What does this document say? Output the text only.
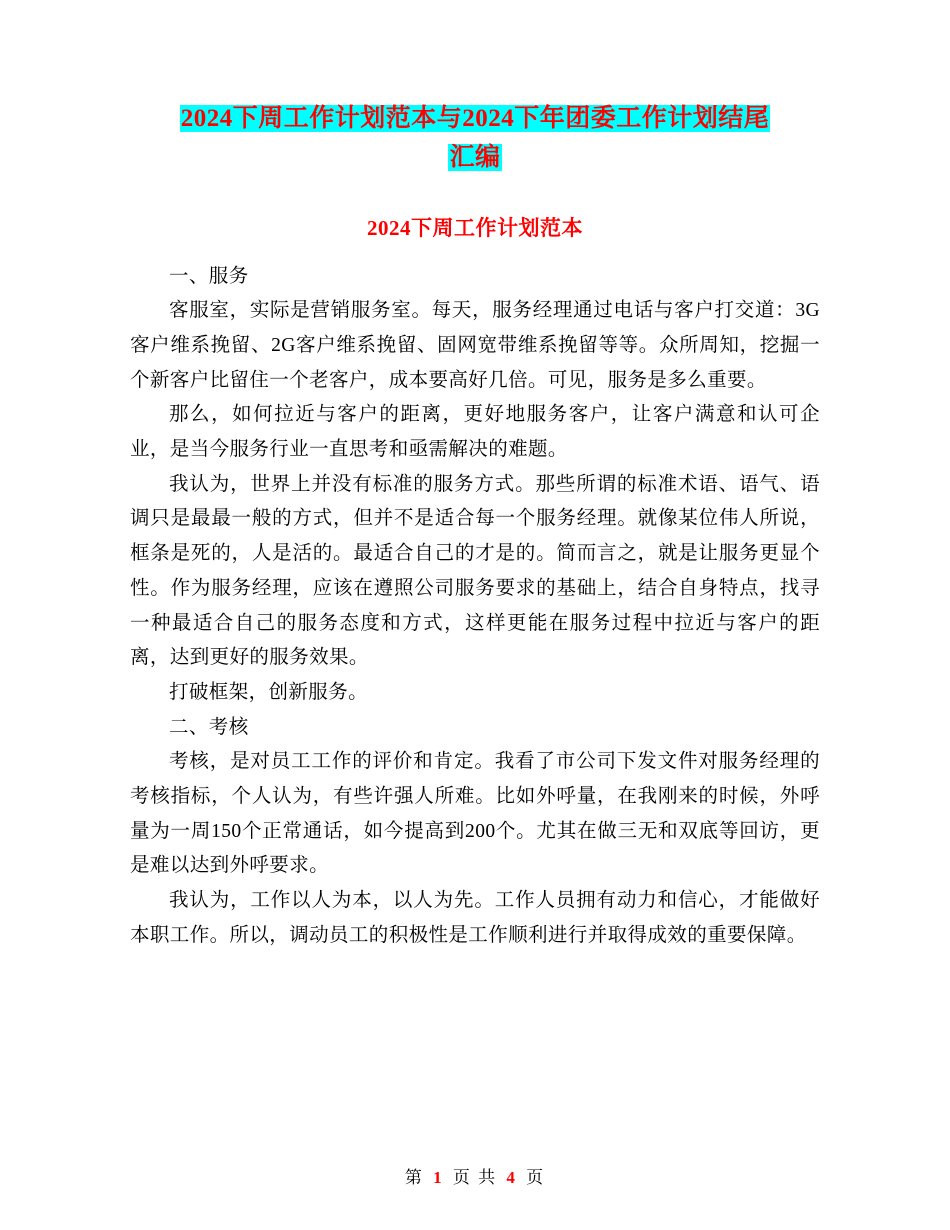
2024下周工作计划范本与2024下年团委工作计划结尾
汇编
2024下周工作计划范本

一、服务

客服室，实际是营销服务室。每天，服务经理通过电话与客户打交道：3G客户维系挽留、2G客户维系挽留、固网宽带维系挽留等等。众所周知，挖掘一个新客户比留住一个老客户，成本要高好几倍。可见，服务是多么重要。

那么，如何拉近与客户的距离，更好地服务客户，让客户满意和认可企业，是当今服务行业一直思考和亟需解决的难题。

我认为，世界上并没有标准的服务方式。那些所谓的标准术语、语气、语调只是最最一般的方式，但并不是适合每一个服务经理。就像某位伟人所说，框条是死的，人是活的。最适合自己的才是的。简而言之，就是让服务更显个性。作为服务经理，应该在遵照公司服务要求的基础上，结合自身特点，找寻一种最适合自己的服务态度和方式，这样更能在服务过程中拉近与客户的距离，达到更好的服务效果。

打破框架，创新服务。

二、考核

考核，是对员工工作的评价和肯定。我看了市公司下发文件对服务经理的考核指标，个人认为，有些许强人所难。比如外呼量，在我刚来的时候，外呼量为一周150个正常通话，如今提高到200个。尤其在做三无和双底等回访，更是难以达到外呼要求。

我认为，工作以人为本，以人为先。工作人员拥有动力和信心，才能做好本职工作。所以，调动员工的积极性是工作顺利进行并取得成效的重要保障。

第 1 页 共 4 页
